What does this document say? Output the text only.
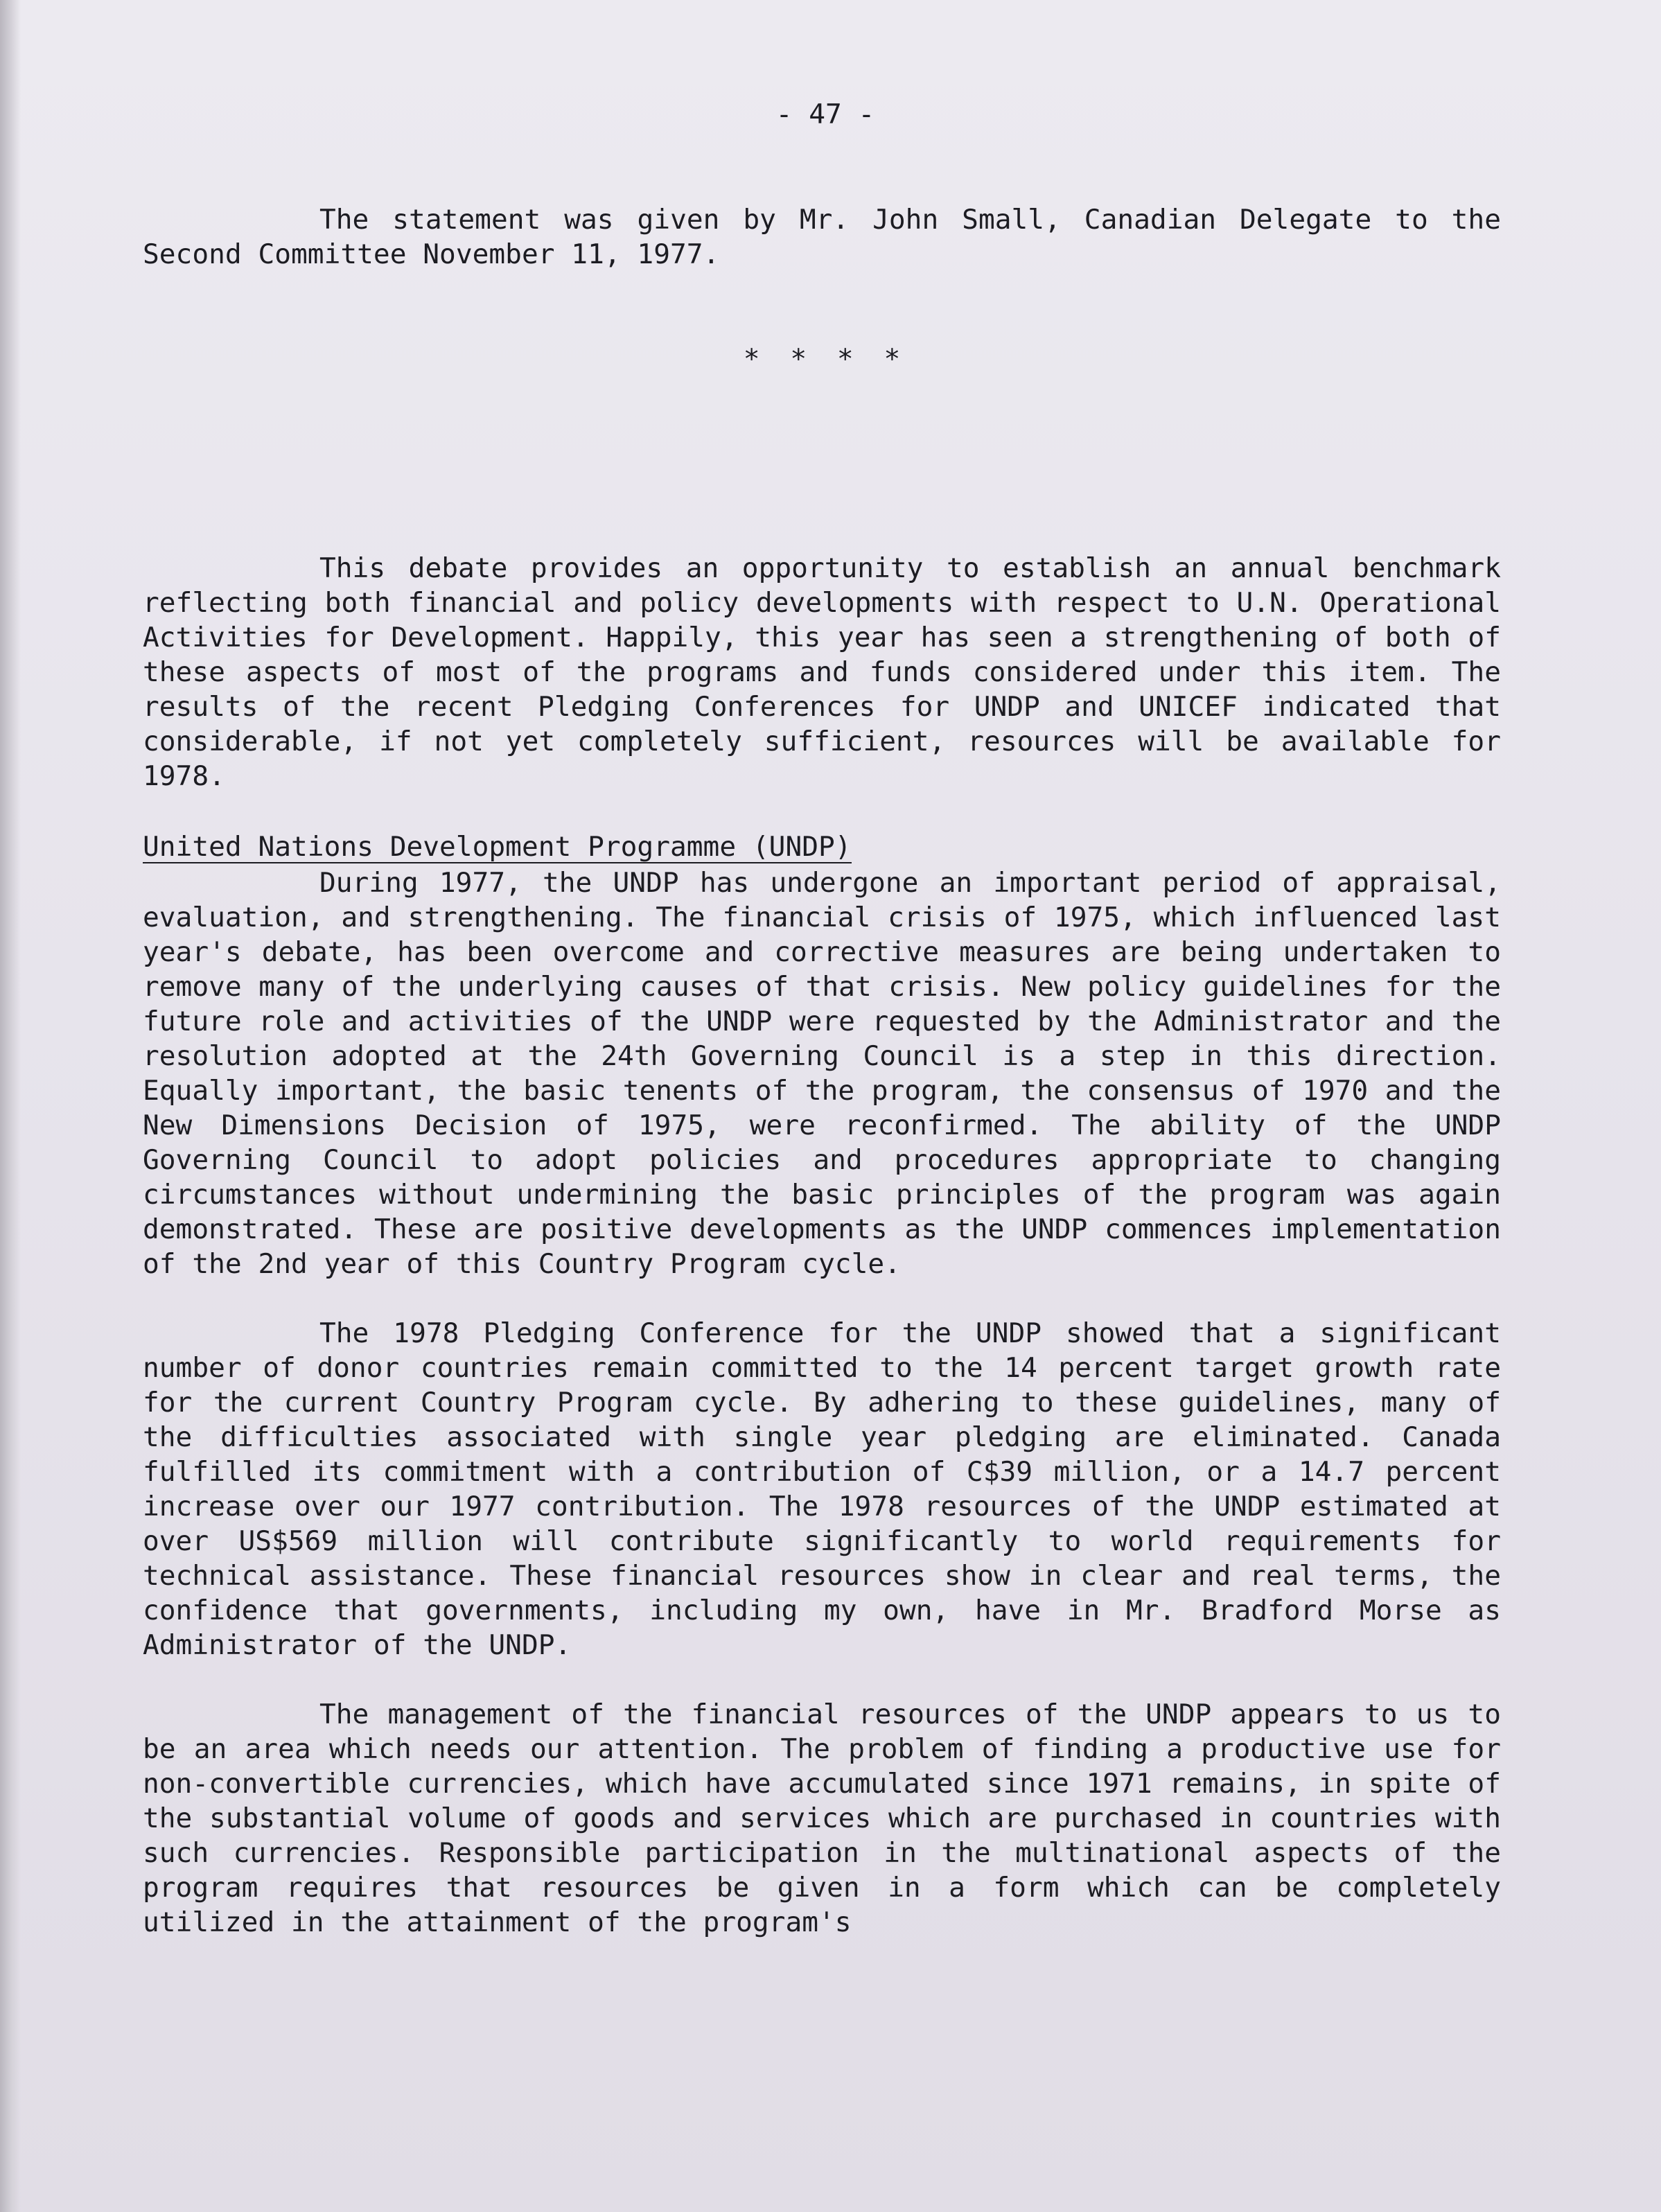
- 47 -

The statement was given by Mr. John Small, Canadian Delegate to the Second Committee November 11, 1977.

* * * *

This debate provides an opportunity to establish an annual benchmark reflecting both financial and policy developments with respect to U.N. Operational Activities for Development. Happily, this year has seen a strengthening of both of these aspects of most of the programs and funds considered under this item. The results of the recent Pledging Conferences for UNDP and UNICEF indicated that considerable, if not yet completely sufficient, resources will be available for 1978.

United Nations Development Programme (UNDP)

During 1977, the UNDP has undergone an important period of appraisal, evaluation, and strengthening. The financial crisis of 1975, which influenced last year's debate, has been overcome and corrective measures are being undertaken to remove many of the underlying causes of that crisis. New policy guidelines for the future role and activities of the UNDP were requested by the Administrator and the resolution adopted at the 24th Governing Council is a step in this direction. Equally important, the basic tenents of the program, the consensus of 1970 and the New Dimensions Decision of 1975, were reconfirmed. The ability of the UNDP Governing Council to adopt policies and procedures appropriate to changing circumstances without undermining the basic principles of the program was again demonstrated. These are positive developments as the UNDP commences implementation of the 2nd year of this Country Program cycle.

The 1978 Pledging Conference for the UNDP showed that a significant number of donor countries remain committed to the 14 percent target growth rate for the current Country Program cycle. By adhering to these guidelines, many of the difficulties associated with single year pledging are eliminated. Canada fulfilled its commitment with a contribution of C$39 million, or a 14.7 percent increase over our 1977 contribution. The 1978 resources of the UNDP estimated at over US$569 million will contribute significantly to world requirements for technical assistance. These financial resources show in clear and real terms, the confidence that governments, including my own, have in Mr. Bradford Morse as Administrator of the UNDP.

The management of the financial resources of the UNDP appears to us to be an area which needs our attention. The problem of finding a productive use for non-convertible currencies, which have accumulated since 1971 remains, in spite of the substantial volume of goods and services which are purchased in countries with such currencies. Responsible participation in the multinational aspects of the program requires that resources be given in a form which can be completely utilized in the attainment of the program's
